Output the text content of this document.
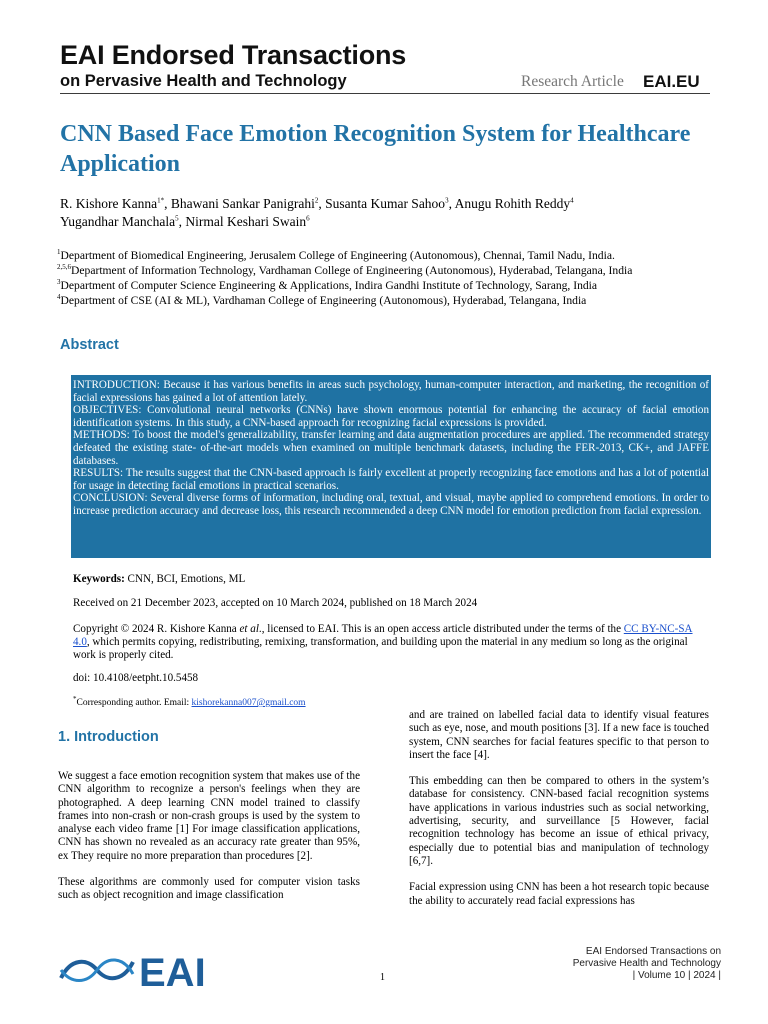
EAI Endorsed Transactions
on Pervasive Health and Technology	Research Article EAI.EU
CNN Based Face Emotion Recognition System for Healthcare Application
R. Kishore Kanna$^{1*}$, Bhawani Sankar Panigrahi$^2$, Susanta Kumar Sahoo$^3$, Anugu Rohith Reddy$^4$
Yugandhar Manchala$^5$, Nirmal Keshari Swain$^6$
$^1$Department of Biomedical Engineering, Jerusalem College of Engineering (Autonomous), Chennai, Tamil Nadu, India.
$^{2,5,6}$Department of Information Technology, Vardhaman College of Engineering (Autonomous), Hyderabad, Telangana, India
$^3$Department of Computer Science Engineering & Applications, Indira Gandhi Institute of Technology, Sarang, India
$^4$Department of CSE (AI & ML), Vardhaman College of Engineering (Autonomous), Hyderabad, Telangana, India
Abstract

INTRODUCTION: Because it has various benefits in areas such psychology, human-computer interaction, and marketing, the recognition of facial expressions has gained a lot of attention lately.

OBJECTIVES: Convolutional neural networks (CNNs) have shown enormous potential for enhancing the accuracy of facial emotion identification systems. In this study, a CNN-based approach for recognizing facial expressions is provided.

METHODS: To boost the model's generalizability, transfer learning and data augmentation procedures are applied. The recommended strategy defeated the existing state- of-the-art models when examined on multiple benchmark datasets, including the FER-2013, CK+, and JAFFE databases.

RESULTS: The results suggest that the CNN-based approach is fairly excellent at properly recognizing face emotions and has a lot of potential for usage in detecting facial emotions in practical scenarios.

CONCLUSION: Several diverse forms of information, including oral, textual, and visual, maybe applied to comprehend emotions. In order to increase prediction accuracy and decrease loss, this research recommended a deep CNN model for emotion prediction from facial expression.

Keywords: CNN, BCI, Emotions, ML
Received on 21 December 2023, accepted on 10 March 2024, published on 18 March 2024
Copyright © 2024 R. Kishore Kanna et al., licensed to EAI. This is an open access article distributed under the terms of the CC BY-NC-SA 4.0, which permits copying, redistributing, remixing, transformation, and building upon the material in any medium so long as the original work is properly cited.
doi: 10.4108/eetpht.10.5458
*Corresponding author. Email: kishorekanna007@gmail.com
1. Introduction

We suggest a face emotion recognition system that makes use of the CNN algorithm to recognize a person's feelings when they are photographed. A deep learning CNN model trained to classify frames into non-crash or non-crash groups is used by the system to analyse each video frame [1] For image classification applications, CNN has shown no revealed as an accuracy rate greater than 95%, ex They require no more preparation than procedures [2].

These algorithms are commonly used for computer vision tasks such as object recognition and image classification

and are trained on labelled facial data to identify visual features such as eye, nose, and mouth positions [3]. If a new face is touched system, CNN searches for facial features specific to that person to insert the face [4].

This embedding can then be compared to others in the system’s database for consistency. CNN-based facial recognition systems have applications in various industries such as social networking, advertising, security, and surveillance [5 However, facial recognition technology has become an issue of ethical privacy, especially due to potential bias and manipulation of technology [6,7].

Facial expression using CNN has been a hot research topic because the ability to accurately read facial expressions has

EAI	1
EAI Endorsed Transactions on
Pervasive Health and Technology
| Volume 10 | 2024 |
